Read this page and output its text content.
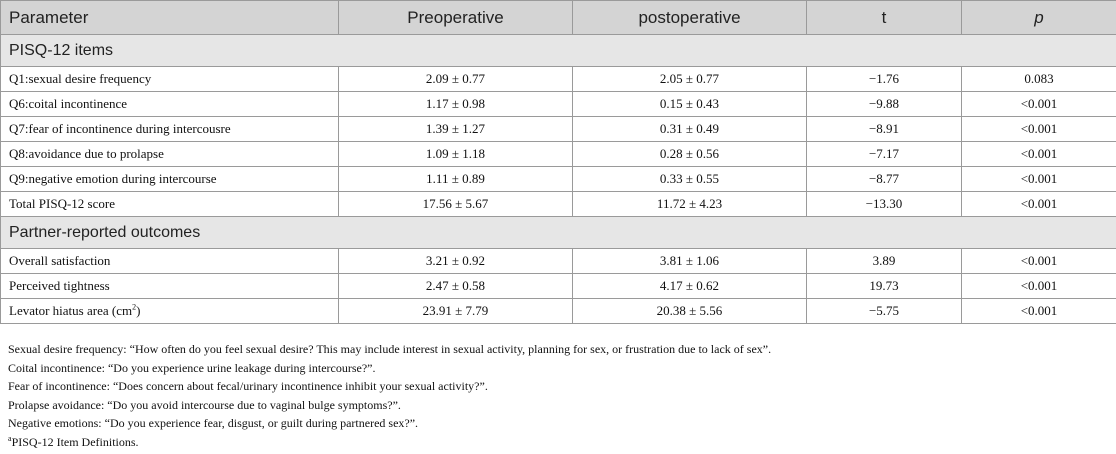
Parameter	Preoperative	postoperative	t	p
PISQ-12 items				
Q1:sexual desire frequency	2.09 ± 0.77	2.05 ± 0.77	−1.76	0.083
Q6:coital incontinence	1.17 ± 0.98	0.15 ± 0.43	−9.88	<0.001
Q7:fear of incontinence during intercousre	1.39 ± 1.27	0.31 ± 0.49	−8.91	<0.001
Q8:avoidance due to prolapse	1.09 ± 1.18	0.28 ± 0.56	−7.17	<0.001
Q9:negative emotion during intercourse	1.11 ± 0.89	0.33 ± 0.55	−8.77	<0.001
Total PISQ-12 score	17.56 ± 5.67	11.72 ± 4.23	−13.30	<0.001
Partner-reported outcomes				
Overall satisfaction	3.21 ± 0.92	3.81 ± 1.06	3.89	<0.001
Perceived tightness	2.47 ± 0.58	4.17 ± 0.62	19.73	<0.001
Levator hiatus area $(cm^2)$	23.91 ± 7.79	20.38 ± 5.56	−5.75	<0.001
Sexual desire frequency: “How often do you feel sexual desire? This may include interest in sexual activity, planning for sex, or frustration due to lack of sex”.
Coital incontinence: “Do you experience urine leakage during intercourse?”.
Fear of incontinence: “Does concern about fecal/urinary incontinence inhibit your sexual activity?”.
Prolapse avoidance: “Do you avoid intercourse due to vaginal bulge symptoms?”.
Negative emotions: “Do you experience fear, disgust, or guilt during partnered sex?”.
$^a$PISQ-12 Item Definitions.
